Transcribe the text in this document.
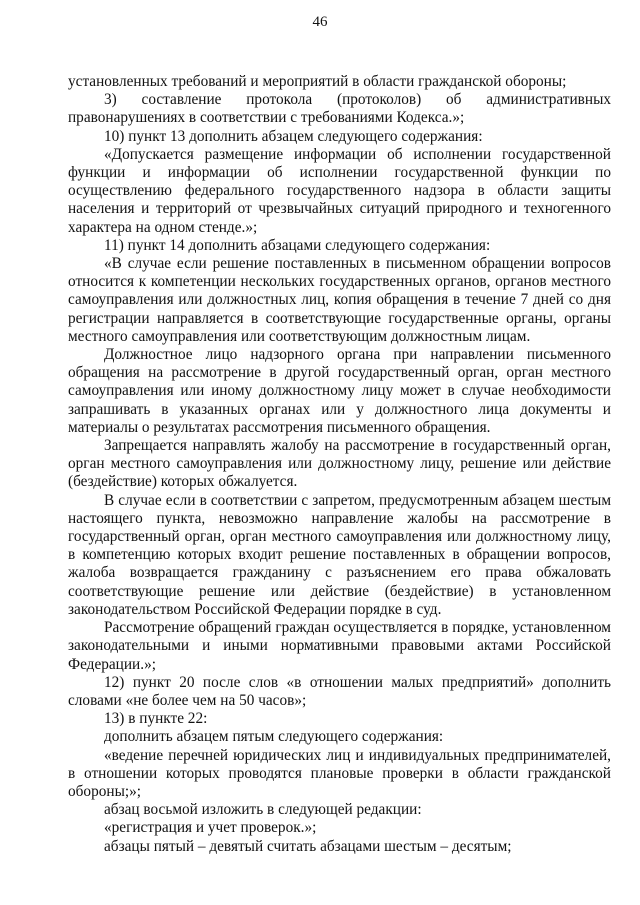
46

установленных требований и мероприятий в области гражданской обороны;

3) составление протокола (протоколов) об административных правонарушениях в соответствии с требованиями Кодекса.»;

10) пункт 13 дополнить абзацем следующего содержания:

«Допускается размещение информации об исполнении государственной функции и информации об исполнении государственной функции по осуществлению федерального государственного надзора в области защиты населения и территорий от чрезвычайных ситуаций природного и техногенного характера на одном стенде.»;

11) пункт 14 дополнить абзацами следующего содержания:

«В случае если решение поставленных в письменном обращении вопросов относится к компетенции нескольких государственных органов, органов местного самоуправления или должностных лиц, копия обращения в течение 7 дней со дня регистрации направляется в соответствующие государственные органы, органы местного самоуправления или соответствующим должностным лицам.

Должностное лицо надзорного органа при направлении письменного обращения на рассмотрение в другой государственный орган, орган местного самоуправления или иному должностному лицу может в случае необходимости запрашивать в указанных органах или у должностного лица документы и материалы о результатах рассмотрения письменного обращения.

Запрещается направлять жалобу на рассмотрение в государственный орган, орган местного самоуправления или должностному лицу, решение или действие (бездействие) которых обжалуется.

В случае если в соответствии с запретом, предусмотренным абзацем шестым настоящего пункта, невозможно направление жалобы на рассмотрение в государственный орган, орган местного самоуправления или должностному лицу, в компетенцию которых входит решение поставленных в обращении вопросов, жалоба возвращается гражданину с разъяснением его права обжаловать соответствующие решение или действие (бездействие) в установленном законодательством Российской Федерации порядке в суд.

Рассмотрение обращений граждан осуществляется в порядке, установленном законодательными и иными нормативными правовыми актами Российской Федерации.»;

12) пункт 20 после слов «в отношении малых предприятий» дополнить словами «не более чем на 50 часов»;

13) в пункте 22:

дополнить абзацем пятым следующего содержания:

«ведение перечней юридических лиц и индивидуальных предпринимателей, в отношении которых проводятся плановые проверки в области гражданской обороны;»;

абзац восьмой изложить в следующей редакции:

«регистрация и учет проверок.»;

абзацы пятый – девятый считать абзацами шестым – десятым;
